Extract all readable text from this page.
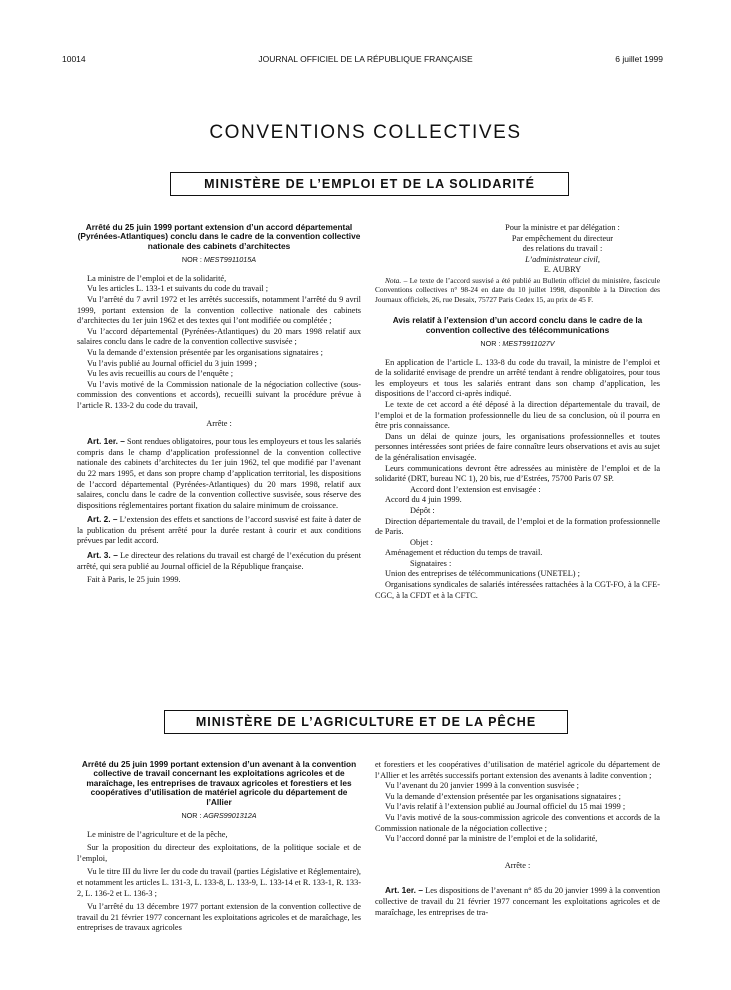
10014	JOURNAL OFFICIEL DE LA RÉPUBLIQUE FRANÇAISE	6 juillet 1999
CONVENTIONS COLLECTIVES
MINISTÈRE DE L’EMPLOI ET DE LA SOLIDARITÉ
Arrêté du 25 juin 1999 portant extension d’un accord départemental (Pyrénées-Atlantiques) conclu dans le cadre de la convention collective nationale des cabinets d’architectes
NOR : MEST9911015A

La ministre de l’emploi et de la solidarité,

Vu les articles L. 133-1 et suivants du code du travail ;

Vu l’arrêté du 7 avril 1972 et les arrêtés successifs, notamment l’arrêté du 9 avril 1999, portant extension de la convention collective nationale des cabinets d’architectes du 1er juin 1962 et des textes qui l’ont modifiée ou complétée ;

Vu l’accord départemental (Pyrénées-Atlantiques) du 20 mars 1998 relatif aux salaires conclu dans le cadre de la convention collective susvisée ;

Vu la demande d’extension présentée par les organisations signataires ;

Vu l’avis publié au Journal officiel du 3 juin 1999 ;

Vu les avis recueillis au cours de l’enquête ;

Vu l’avis motivé de la Commission nationale de la négociation collective (sous-commission des conventions et accords), recueilli suivant la procédure prévue à l’article R. 133-2 du code du travail,

Arrête :

Art. 1er. – Sont rendues obligatoires, pour tous les employeurs et tous les salariés compris dans le champ d’application professionnel de la convention collective nationale des cabinets d’architectes du 1er juin 1962, tel que modifié par l’avenant du 22 mars 1995, et dans son propre champ d’application territorial, les dispositions de l’accord départemental (Pyrénées-Atlantiques) du 20 mars 1998, relatif aux salaires, conclu dans le cadre de la convention collective susvisée, sous réserve des dispositions réglementaires portant fixation du salaire minimum de croissance.

Art. 2. – L’extension des effets et sanctions de l’accord susvisé est faite à dater de la publication du présent arrêté pour la durée restant à courir et aux conditions prévues par ledit accord.

Art. 3. – Le directeur des relations du travail est chargé de l’exécution du présent arrêté, qui sera publié au Journal officiel de la République française.

Fait à Paris, le 25 juin 1999.

Pour la ministre et par délégation :

Par empêchement du directeur

des relations du travail :

L’administrateur civil,

E. AUBRY

Nota. – Le texte de l’accord susvisé a été publié au Bulletin officiel du ministère, fascicule Conventions collectives n° 98-24 en date du 10 juillet 1998, disponible à la Direction des Journaux officiels, 26, rue Desaix, 75727 Paris Cedex 15, au prix de 45 F.

Avis relatif à l’extension d’un accord conclu dans le cadre de la convention collective des télécommunications
NOR : MEST9911027V

En application de l’article L. 133-8 du code du travail, la ministre de l’emploi et de la solidarité envisage de prendre un arrêté tendant à rendre obligatoires, pour tous les employeurs et tous les salariés entrant dans son champ d’application, les dispositions de l’accord ci-après indiqué.

Le texte de cet accord a été déposé à la direction départementale du travail, de l’emploi et de la formation professionnelle du lieu de sa conclusion, où il pourra en être pris connaissance.

Dans un délai de quinze jours, les organisations professionnelles et toutes personnes intéressées sont priées de faire connaître leurs observations et avis au sujet de la généralisation envisagée.

Leurs communications devront être adressées au ministère de l’emploi et de la solidarité (DRT, bureau NC 1), 20 bis, rue d’Estrées, 75700 Paris 07 SP.

Accord dont l’extension est envisagée :

Accord du 4 juin 1999.

Dépôt :

Direction départementale du travail, de l’emploi et de la formation professionnelle de Paris.

Objet :

Aménagement et réduction du temps de travail.

Signataires :

Union des entreprises de télécommunications (UNETEL) ;

Organisations syndicales de salariés intéressées rattachées à la CGT-FO, à la CFE-CGC, à la CFDT et à la CFTC.

MINISTÈRE DE L’AGRICULTURE ET DE LA PÊCHE
Arrêté du 25 juin 1999 portant extension d’un avenant à la convention collective de travail concernant les exploitations agricoles et de maraîchage, les entreprises de travaux agricoles et forestiers et les coopératives d’utilisation de matériel agricole du département de l’Allier
NOR : AGRS9901312A

Le ministre de l’agriculture et de la pêche,

Sur la proposition du directeur des exploitations, de la politique sociale et de l’emploi,

Vu le titre III du livre Ier du code du travail (parties Législative et Réglementaire), et notamment les articles L. 131-3, L. 133-8, L. 133-9, L. 133-14 et R. 133-1, R. 133-2, L. 136-2 et L. 136-3 ;

Vu l’arrêté du 13 décembre 1977 portant extension de la convention collective de travail du 21 février 1977 concernant les exploitations agricoles et de maraîchage, les entreprises de travaux agricoles

et forestiers et les coopératives d’utilisation de matériel agricole du département de l’Allier et les arrêtés successifs portant extension des avenants à ladite convention ;

Vu l’avenant du 20 janvier 1999 à la convention susvisée ;

Vu la demande d’extension présentée par les organisations signataires ;

Vu l’avis relatif à l’extension publié au Journal officiel du 15 mai 1999 ;

Vu l’avis motivé de la sous-commission agricole des conventions et accords de la Commission nationale de la négociation collective ;

Vu l’accord donné par la ministre de l’emploi et de la solidarité,

Arrête :

Art. 1er. – Les dispositions de l’avenant n° 85 du 20 janvier 1999 à la convention collective de travail du 21 février 1977 concernant les exploitations agricoles et de maraîchage, les entreprises de tra-
